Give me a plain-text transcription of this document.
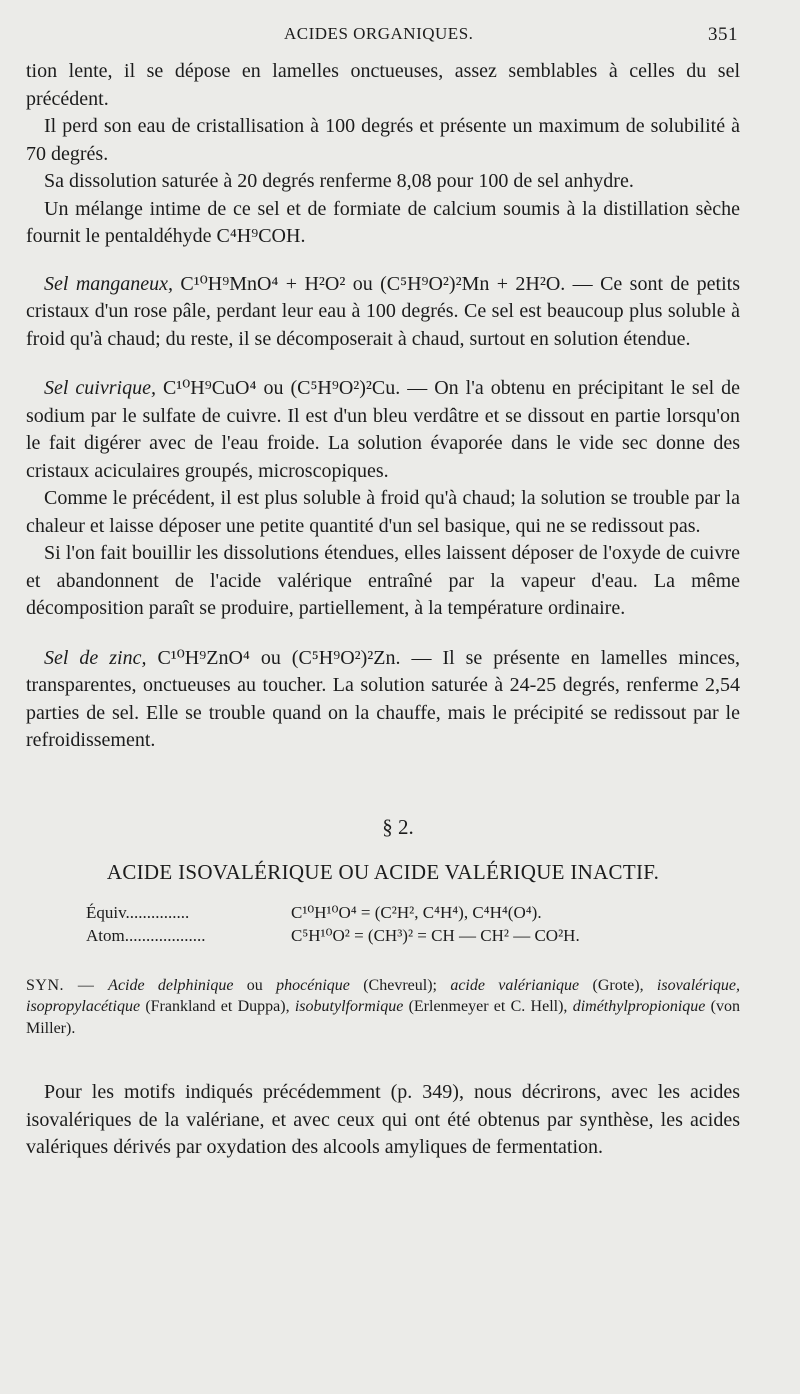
ACIDES ORGANIQUES.	351

tion lente, il se dépose en lamelles onctueuses, assez semblables à celles du sel précédent.

Il perd son eau de cristallisation à 100 degrés et présente un maximum de solubilité à 70 degrés.

Sa dissolution saturée à 20 degrés renferme 8,08 pour 100 de sel anhydre.

Un mélange intime de ce sel et de formiate de calcium soumis à la distillation sèche fournit le pentaldéhyde C⁴H⁹COH.

Sel manganeux, C¹⁰H⁹MnO⁴ + H²O² ou (C⁵H⁹O²)²Mn + 2H²O. — Ce sont de petits cristaux d'un rose pâle, perdant leur eau à 100 degrés. Ce sel est beaucoup plus soluble à froid qu'à chaud; du reste, il se décomposerait à chaud, surtout en solution étendue.

Sel cuivrique, C¹⁰H⁹CuO⁴ ou (C⁵H⁹O²)²Cu. — On l'a obtenu en précipitant le sel de sodium par le sulfate de cuivre. Il est d'un bleu verdâtre et se dissout en partie lorsqu'on le fait digérer avec de l'eau froide. La solution évaporée dans le vide sec donne des cristaux aciculaires groupés, microscopiques.

Comme le précédent, il est plus soluble à froid qu'à chaud; la solution se trouble par la chaleur et laisse déposer une petite quantité d'un sel basique, qui ne se redissout pas.

Si l'on fait bouillir les dissolutions étendues, elles laissent déposer de l'oxyde de cuivre et abandonnent de l'acide valérique entraîné par la vapeur d'eau. La même décomposition paraît se produire, partiellement, à la température ordinaire.

Sel de zinc, C¹⁰H⁹ZnO⁴ ou (C⁵H⁹O²)²Zn. — Il se présente en lamelles minces, transparentes, onctueuses au toucher. La solution saturée à 24-25 degrés, renferme 2,54 parties de sel. Elle se trouble quand on la chauffe, mais le précipité se redissout par le refroidissement.

§ 2.
ACIDE ISOVALÉRIQUE OU ACIDE VALÉRIQUE INACTIF.
Équiv...............	C¹⁰H¹⁰O⁴ = (C²H², C⁴H⁴), C⁴H⁴(O⁴).
Atom...................	C⁵H¹⁰O² = (CH³)² = CH — CH² — CO²H.

SYN. — Acide delphinique ou phocénique (Chevreul); acide valérianique (Grote), isovalérique, isopropylacétique (Frankland et Duppa), isobutylformique (Erlenmeyer et C. Hell), diméthylpropionique (von Miller).

Pour les motifs indiqués précédemment (p. 349), nous décrirons, avec les acides isovalériques de la valériane, et avec ceux qui ont été obtenus par synthèse, les acides valériques dérivés par oxydation des alcools amyliques de fermentation.
